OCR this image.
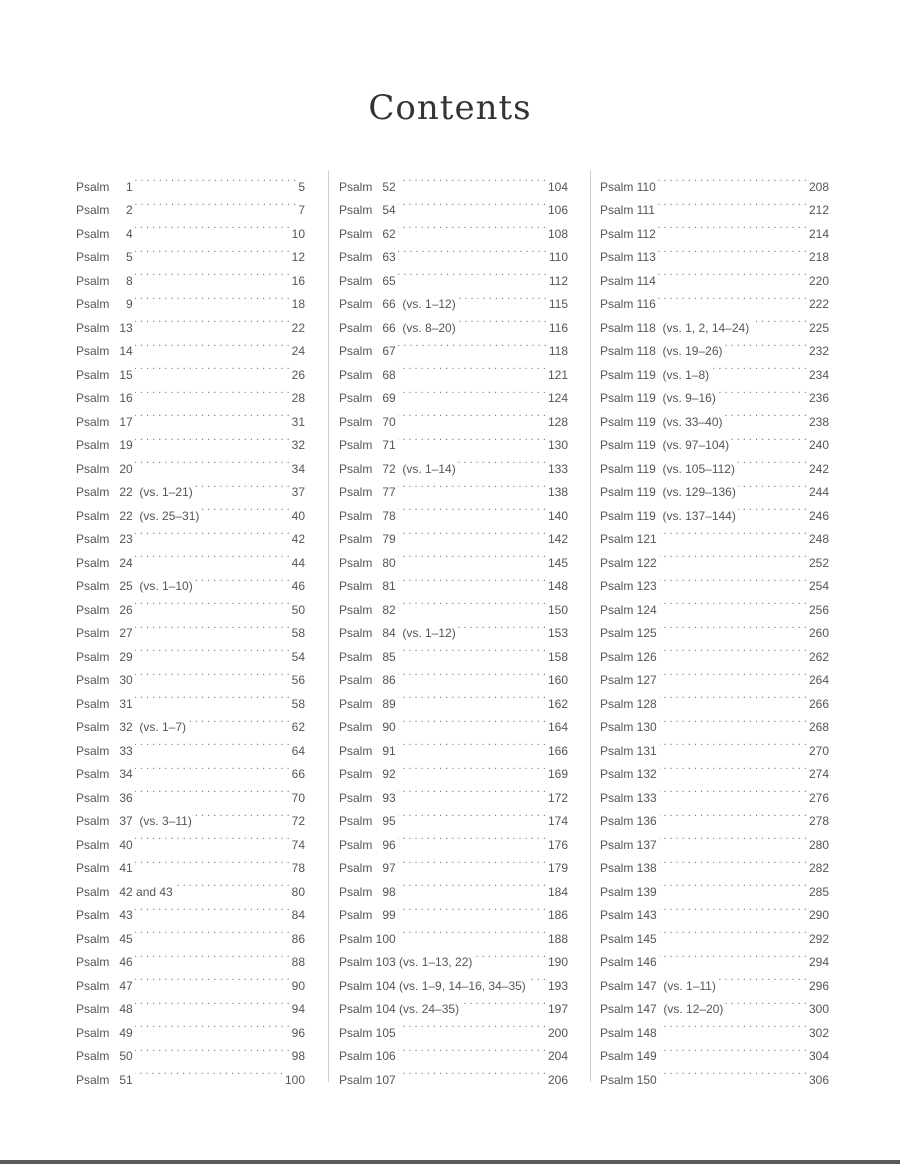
Contents
Psalm     1 . . .	5
Psalm     2 . . .	7
Psalm     4 . . .	10
Psalm     5 . . .	12
Psalm     8 . . .	16
Psalm     9 . . .	18
Psalm   13 . . .	22
Psalm   14 . . .	24
Psalm   15 . . .	26
Psalm   16 . . .	28
Psalm   17 . . .	31
Psalm   19 . . .	32
Psalm   20 . . .	34
Psalm   22  (vs. 1–21) . . .	37
Psalm   22  (vs. 25–31) . . .	40
Psalm   23 . . .	42
Psalm   24 . . .	44
Psalm   25  (vs. 1–10) . . .	46
Psalm   26 . . .	50
Psalm   27 . . .	58
Psalm   29 . . .	54
Psalm   30 . . .	56
Psalm   31 . . .	58
Psalm   32  (vs. 1–7) . . .	62
Psalm   33 . . .	64
Psalm   34 . . .	66
Psalm   36 . . .	70
Psalm   37  (vs. 3–11) . . .	72
Psalm   40 . . .	74
Psalm   41 . . .	78
Psalm   42 and 43 . . .	80
Psalm   43 . . .	84
Psalm   45 . . .	86
Psalm   46 . . .	88
Psalm   47 . . .	90
Psalm   48 . . .	94
Psalm   49 . . .	96
Psalm   50 . . .	98
Psalm   51 . . .	100
Psalm   52 . . .	104
Psalm   54 . . .	106
Psalm   62 . . .	108
Psalm   63 . . .	110
Psalm   65 . . .	112
Psalm   66  (vs. 1–12) . . .	115
Psalm   66  (vs. 8–20) . . .	116
Psalm   67 . . .	118
Psalm   68 . . .	121
Psalm   69 . . .	124
Psalm   70 . . .	128
Psalm   71 . . .	130
Psalm   72  (vs. 1–14) . . .	133
Psalm   77 . . .	138
Psalm   78 . . .	140
Psalm   79 . . .	142
Psalm   80 . . .	145
Psalm   81 . . .	148
Psalm   82 . . .	150
Psalm   84  (vs. 1–12) . . .	153
Psalm   85 . . .	158
Psalm   86 . . .	160
Psalm   89 . . .	162
Psalm   90 . . .	164
Psalm   91 . . .	166
Psalm   92 . . .	169
Psalm   93 . . .	172
Psalm   95 . . .	174
Psalm   96 . . .	176
Psalm   97 . . .	179
Psalm   98 . . .	184
Psalm   99 . . .	186
Psalm 100 . . .	188
Psalm 103 (vs. 1–13, 22) . . .	190
Psalm 104 (vs. 1–9, 14–16, 34–35) . . . 193
Psalm 104 (vs. 24–35) . . .	197
Psalm 105 . . .	200
Psalm 106 . . .	204
Psalm 107 . . .	206
Psalm 110 . . .	208
Psalm 111 . . .	212
Psalm 112 . . .	214
Psalm 113 . . .	218
Psalm 114 . . .	220
Psalm 116 . . .	222
Psalm 118  (vs. 1, 2, 14–24) . . .	225
Psalm 118  (vs. 19–26) . . .	232
Psalm 119  (vs. 1–8) . . .	234
Psalm 119  (vs. 9–16) . . .	236
Psalm 119  (vs. 33–40) . . .	238
Psalm 119  (vs. 97–104) . . .	240
Psalm 119  (vs. 105–112) . . .	242
Psalm 119  (vs. 129–136) . . .	244
Psalm 119  (vs. 137–144) . . .	246
Psalm 121 . . .	248
Psalm 122 . . .	252
Psalm 123 . . .	254
Psalm 124 . . .	256
Psalm 125 . . .	260
Psalm 126 . . .	262
Psalm 127 . . .	264
Psalm 128 . . .	266
Psalm 130 . . .	268
Psalm 131 . . .	270
Psalm 132 . . .	274
Psalm 133 . . .	276
Psalm 136 . . .	278
Psalm 137 . . .	280
Psalm 138 . . .	282
Psalm 139 . . .	285
Psalm 143 . . .	290
Psalm 145 . . .	292
Psalm 146 . . .	294
Psalm 147  (vs. 1–11) . . .	296
Psalm 147  (vs. 12–20) . . .	300
Psalm 148 . . .	302
Psalm 149 . . .	304
Psalm 150 . . .	306
